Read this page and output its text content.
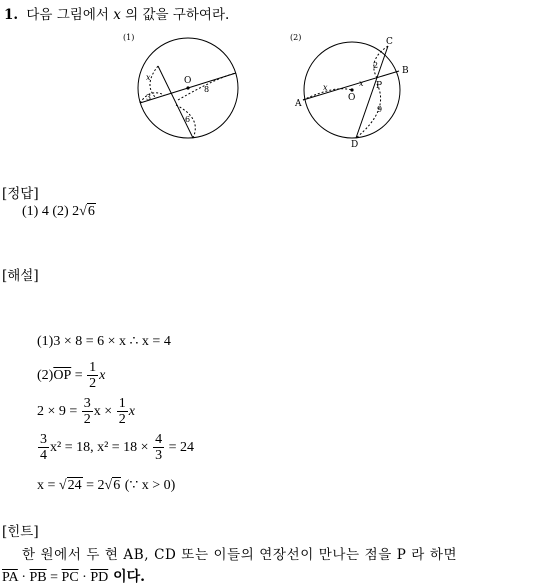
1. 다음 그림에서 𝑥 의 값을 구하여라.
(1)
O
3
x
8
6
(2)
A
B
C
D
O
P
x	x
2
9
[정답]
(1) 4 (2) 2√6
[해설]
(1)3 × 8 = 6 × x ∴ x = 4
(2) $\overline{OP} = \frac{1}{2}$ x
$2 \times 9 = \frac{3}{2}$ $x \times \frac{1}{2}$ x
$\frac{3}{4} x^2 = 18$, $x^2 = 18 \times \frac{4}{3} = 24$
x = √24 = 2√6 (∵ x > 0)
[힌트]
한 원에서 두 현 AB, CD 또는 이들의 연장선이 만나는 점을 P 라 하면
$\overline{PA} \cdot \overline{PB} = \overline{PC} \cdot \overline{PD}$ 이다.
